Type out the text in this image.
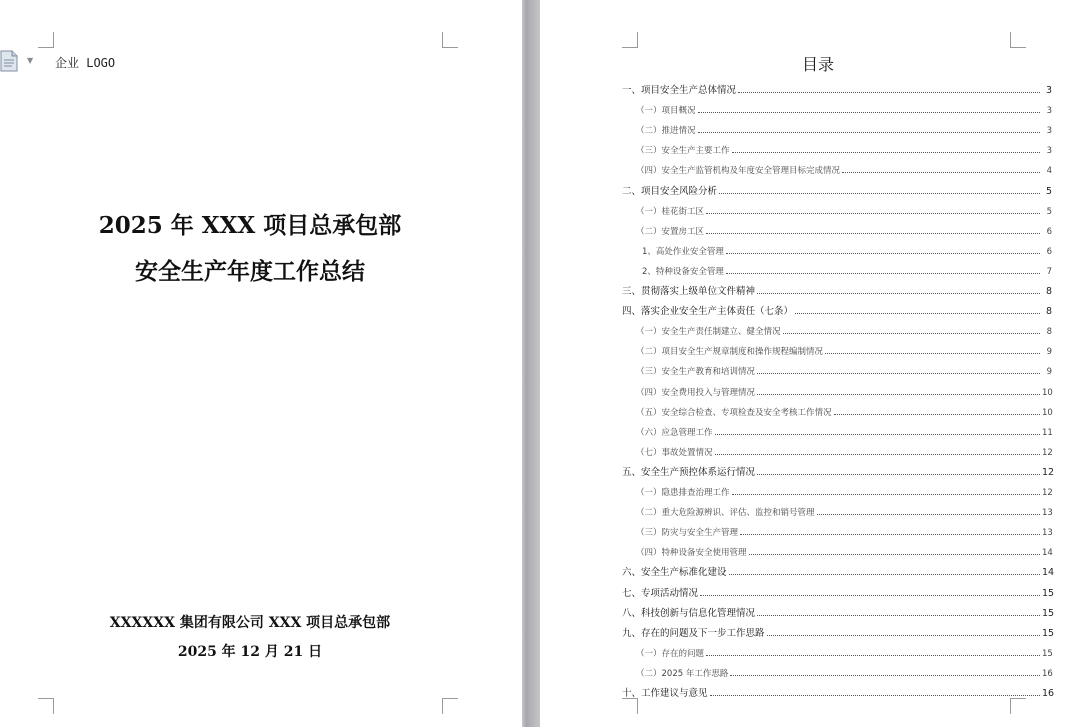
▼ 企业 LOGO
2025 年 XXX 项目总承包部
安全生产年度工作总结
XXXXXX 集团有限公司 XXX 项目总承包部
2025 年 12 月 21 日
目录
一、项目安全生产总体情况	3
（一）项目概况	3
（二）推进情况	3
（三）安全生产主要工作	3
（四）安全生产监管机构及年度安全管理目标完成情况	4
二、项目安全风险分析	5
（一）桂花街工区	5
（二）安置房工区	6
1、高处作业安全管理	6
2、特种设备安全管理	7
三、贯彻落实上级单位文件精神	8
四、落实企业安全生产主体责任（七条）	8
（一）安全生产责任制建立、健全情况	8
（二）项目安全生产规章制度和操作规程编制情况	9
（三）安全生产教育和培训情况	9
（四）安全费用投入与管理情况	10
（五）安全综合检查、专项检查及安全考核工作情况	10
（六）应急管理工作	11
（七）事故处置情况	12
五、安全生产预控体系运行情况	12
（一）隐患排查治理工作	12
（二）重大危险源辨识、评估、监控和销号管理	13
（三）防灾与安全生产管理	13
（四）特种设备安全使用管理	14
六、安全生产标准化建设	14
七、专项活动情况	15
八、科技创新与信息化管理情况	15
九、存在的问题及下一步工作思路	15
（一）存在的问题	15
（二）2025 年工作思路	16
十、工作建议与意见	16
